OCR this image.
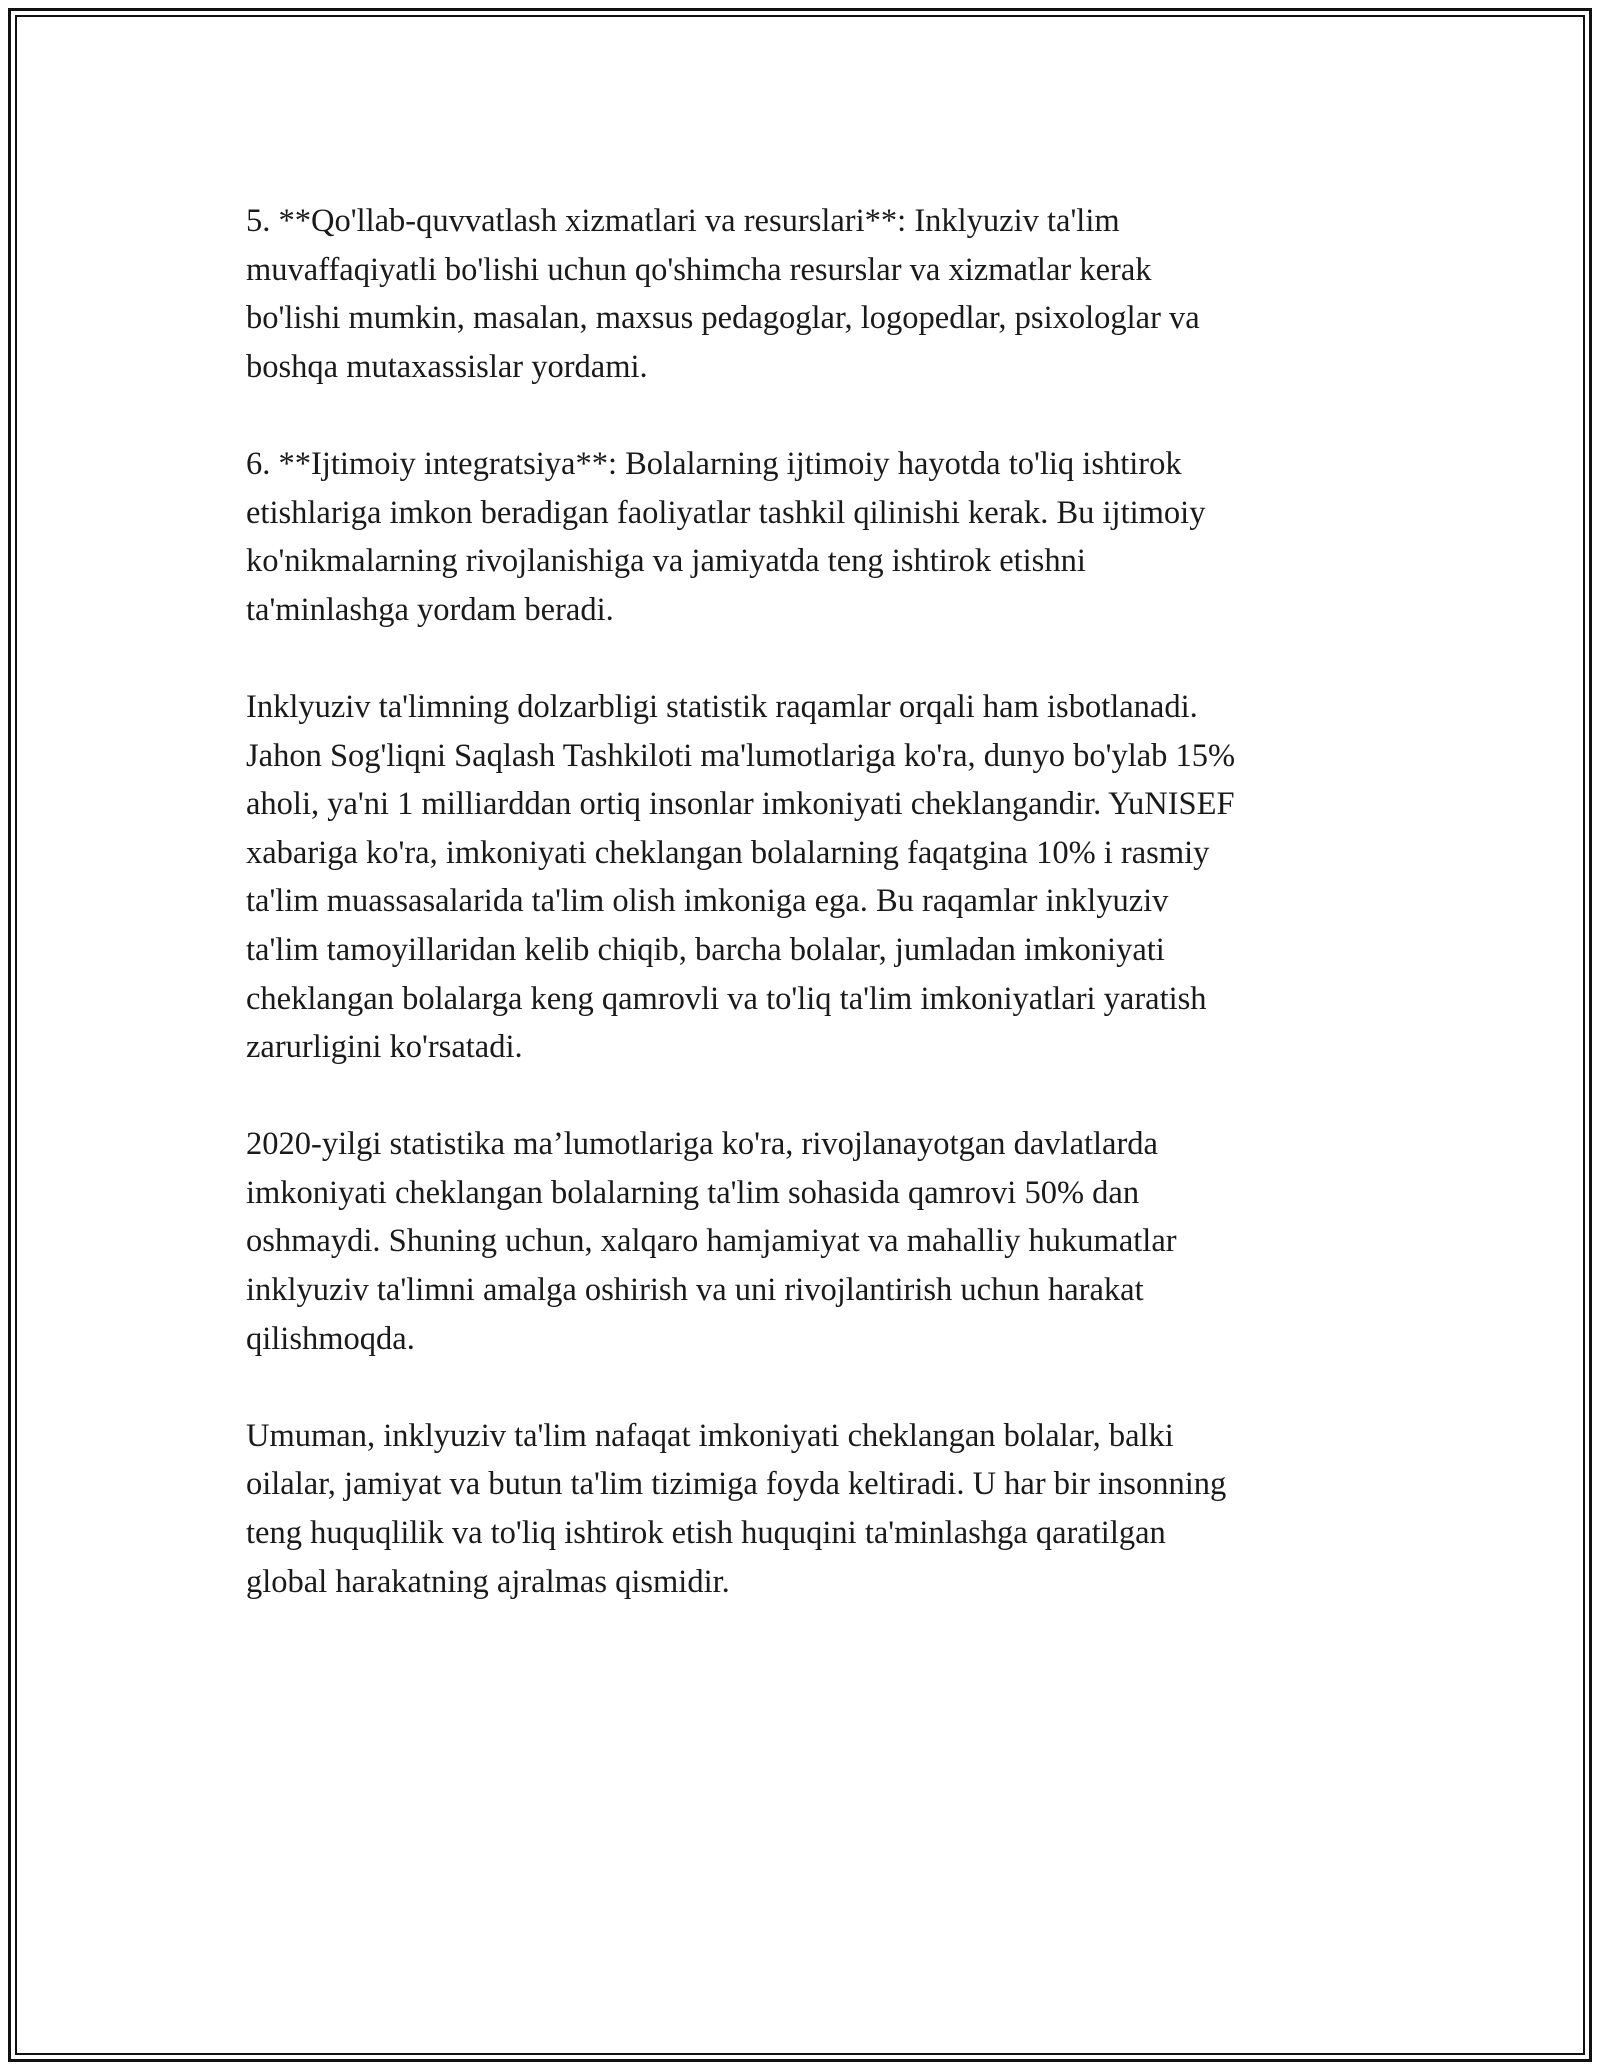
5. **Qo'llab-quvvatlash xizmatlari va resurslari**: Inklyuziv ta'lim
muvaffaqiyatli bo'lishi uchun qo'shimcha resurslar va xizmatlar kerak
bo'lishi mumkin, masalan, maxsus pedagoglar, logopedlar, psixologlar va
boshqa mutaxassislar yordami.

6. **Ijtimoiy integratsiya**: Bolalarning ijtimoiy hayotda to'liq ishtirok
etishlariga imkon beradigan faoliyatlar tashkil qilinishi kerak. Bu ijtimoiy
ko'nikmalarning rivojlanishiga va jamiyatda teng ishtirok etishni
ta'minlashga yordam beradi.

Inklyuziv ta'limning dolzarbligi statistik raqamlar orqali ham isbotlanadi.
Jahon Sog'liqni Saqlash Tashkiloti ma'lumotlariga ko'ra, dunyo bo'ylab 15%
aholi, ya'ni 1 milliarddan ortiq insonlar imkoniyati cheklangandir. YuNISEF
xabariga ko'ra, imkoniyati cheklangan bolalarning faqatgina 10% i rasmiy
ta'lim muassasalarida ta'lim olish imkoniga ega. Bu raqamlar inklyuziv
ta'lim tamoyillaridan kelib chiqib, barcha bolalar, jumladan imkoniyati
cheklangan bolalarga keng qamrovli va to'liq ta'lim imkoniyatlari yaratish
zarurligini ko'rsatadi.

2020-yilgi statistika ma’lumotlariga ko'ra, rivojlanayotgan davlatlarda
imkoniyati cheklangan bolalarning ta'lim sohasida qamrovi 50% dan
oshmaydi. Shuning uchun, xalqaro hamjamiyat va mahalliy hukumatlar
inklyuziv ta'limni amalga oshirish va uni rivojlantirish uchun harakat
qilishmoqda.

Umuman, inklyuziv ta'lim nafaqat imkoniyati cheklangan bolalar, balki
oilalar, jamiyat va butun ta'lim tizimiga foyda keltiradi. U har bir insonning
teng huquqlilik va to'liq ishtirok etish huquqini ta'minlashga qaratilgan
global harakatning ajralmas qismidir.
